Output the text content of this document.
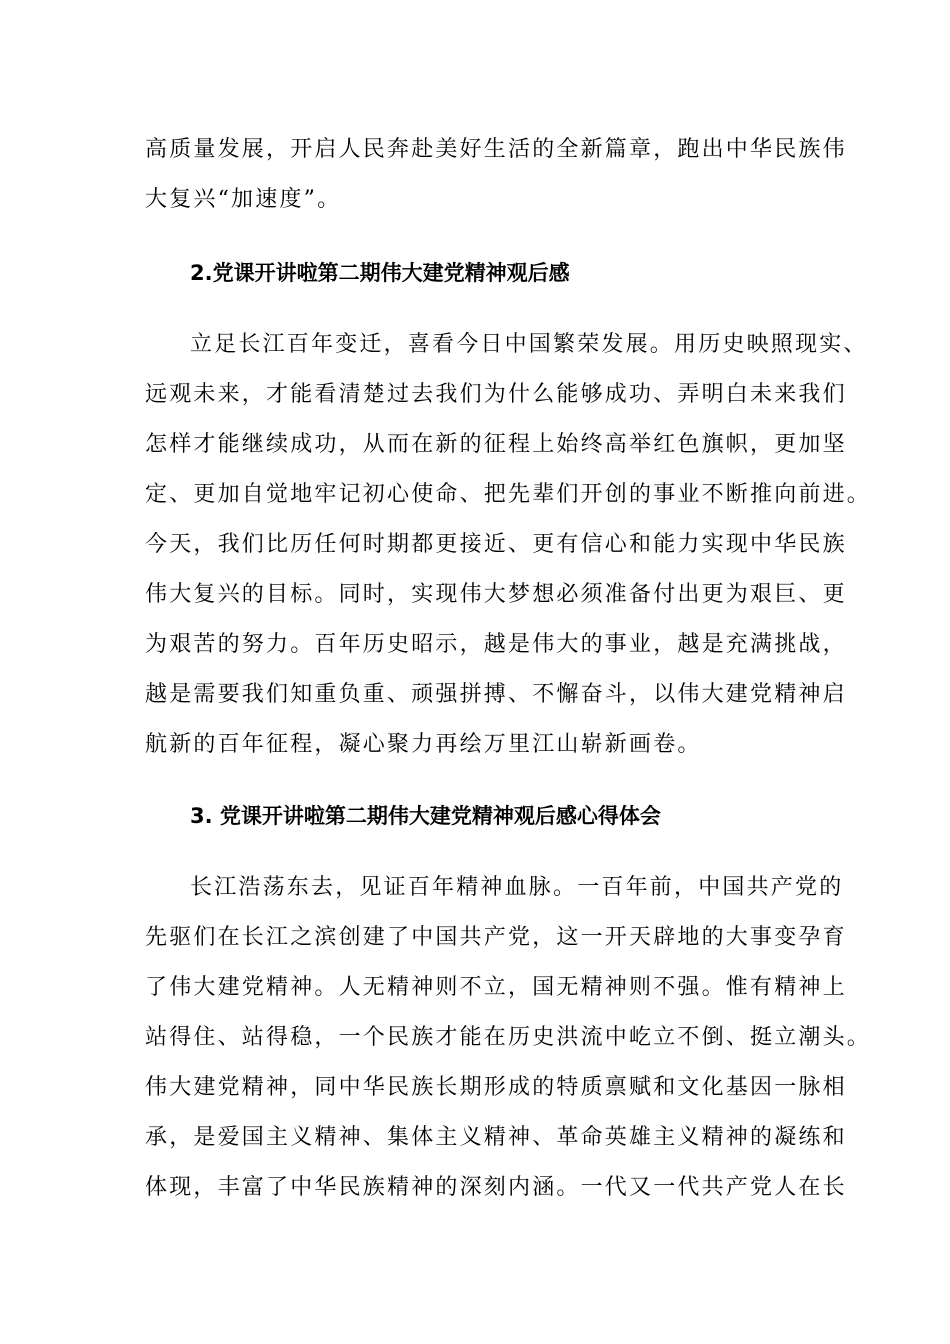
高质量发展，开启人民奔赴美好生活的全新篇章，跑出中华民族伟
大复兴“加速度”。
2.党课开讲啦第二期伟大建党精神观后感
立足长江百年变迁，喜看今日中国繁荣发展。用历史映照现实、
远观未来，才能看清楚过去我们为什么能够成功、弄明白未来我们
怎样才能继续成功，从而在新的征程上始终高举红色旗帜，更加坚
定、更加自觉地牢记初心使命、把先辈们开创的事业不断推向前进。
今天，我们比历任何时期都更接近、更有信心和能力实现中华民族
伟大复兴的目标。同时，实现伟大梦想必须准备付出更为艰巨、更
为艰苦的努力。百年历史昭示，越是伟大的事业，越是充满挑战，
越是需要我们知重负重、顽强拼搏、不懈奋斗，以伟大建党精神启
航新的百年征程，凝心聚力再绘万里江山崭新画卷。
3. 党课开讲啦第二期伟大建党精神观后感心得体会
长江浩荡东去，见证百年精神血脉。一百年前，中国共产党的
先驱们在长江之滨创建了中国共产党，这一开天辟地的大事变孕育
了伟大建党精神。人无精神则不立，国无精神则不强。惟有精神上
站得住、站得稳，一个民族才能在历史洪流中屹立不倒、挺立潮头。
伟大建党精神，同中华民族长期形成的特质禀赋和文化基因一脉相
承，是爱国主义精神、集体主义精神、革命英雄主义精神的凝练和
体现，丰富了中华民族精神的深刻内涵。一代又一代共产党人在长
